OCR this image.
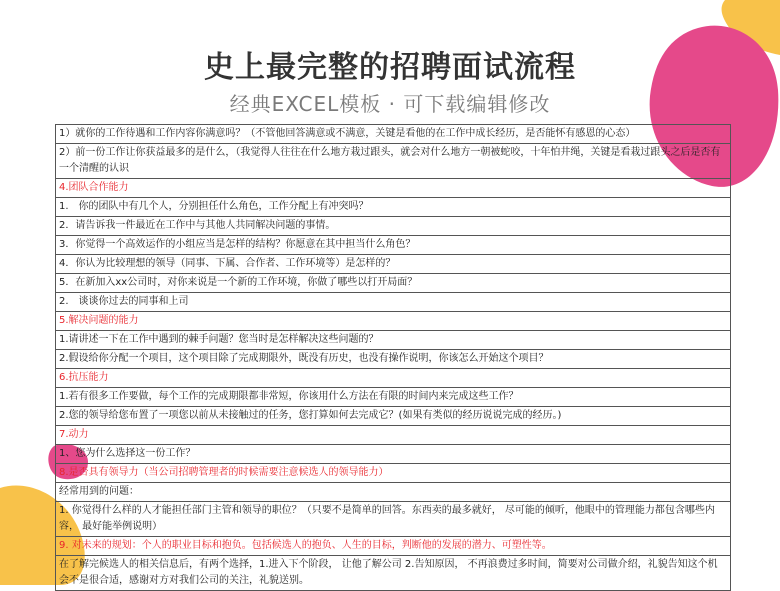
史上最完整的招聘面试流程
经典EXCEL模板 · 可下载编辑修改
1）就你的工作待遇和工作内容你满意吗？（不管他回答满意或不满意，关键是看他的在工作中成长经历，是否能怀有感恩的心态）
2）前一份工作让你获益最多的是什么，（我觉得人往往在什么地方栽过跟头，就会对什么地方一朝被蛇咬，十年怕井绳，关键是看栽过跟头之后是否有一个清醒的认识
4.团队合作能力
1.　你的团队中有几个人，分别担任什么角色，工作分配上有冲突吗？
2．请告诉我一件最近在工作中与其他人共同解决问题的事情。
3．你觉得一个高效运作的小组应当是怎样的结构？你愿意在其中担当什么角色？
4．你认为比较理想的领导（同事、下属、合作者、工作环境等）是怎样的？
5．在新加入xx公司时，对你来说是一个新的工作环境，你做了哪些以打开局面？
2.　谈谈你过去的同事和上司
5.解决问题的能力
1.请讲述一下在工作中遇到的棘手问题？您当时是怎样解决这些问题的？
2.假设给你分配一个项目，这个项目除了完成期限外，既没有历史，也没有操作说明，你该怎么开始这个项目？
6.抗压能力
1.若有很多工作要做，每个工作的完成期限都非常短，你该用什么方法在有限的时间内来完成这些工作？
2.您的领导给您布置了一项您以前从未接触过的任务，您打算如何去完成它？(如果有类似的经历说说完成的经历。)
7.动力
1、您为什么选择这一份工作？
8.是否具有领导力（当公司招聘管理者的时候需要注意候选人的领导能力）
经常用到的问题：
1. 你觉得什么样的人才能担任部门主管和领导的职位？（只要不是简单的回答。东西卖的最多就好， 尽可能的倾听，他眼中的管理能力都包含哪些内容， 最好能举例说明）
9. 对未来的规划：个人的职业目标和抱负。包括候选人的抱负、人生的目标，判断他的发展的潜力、可塑性等。
在了解完候选人的相关信息后，有两个选择，1.进入下个阶段， 让他了解公司 2.告知原因， 不再浪费过多时间，简要对公司做介绍，礼貌告知这个机会不是很合适，感谢对方对我们公司的关注，礼貌送别。
